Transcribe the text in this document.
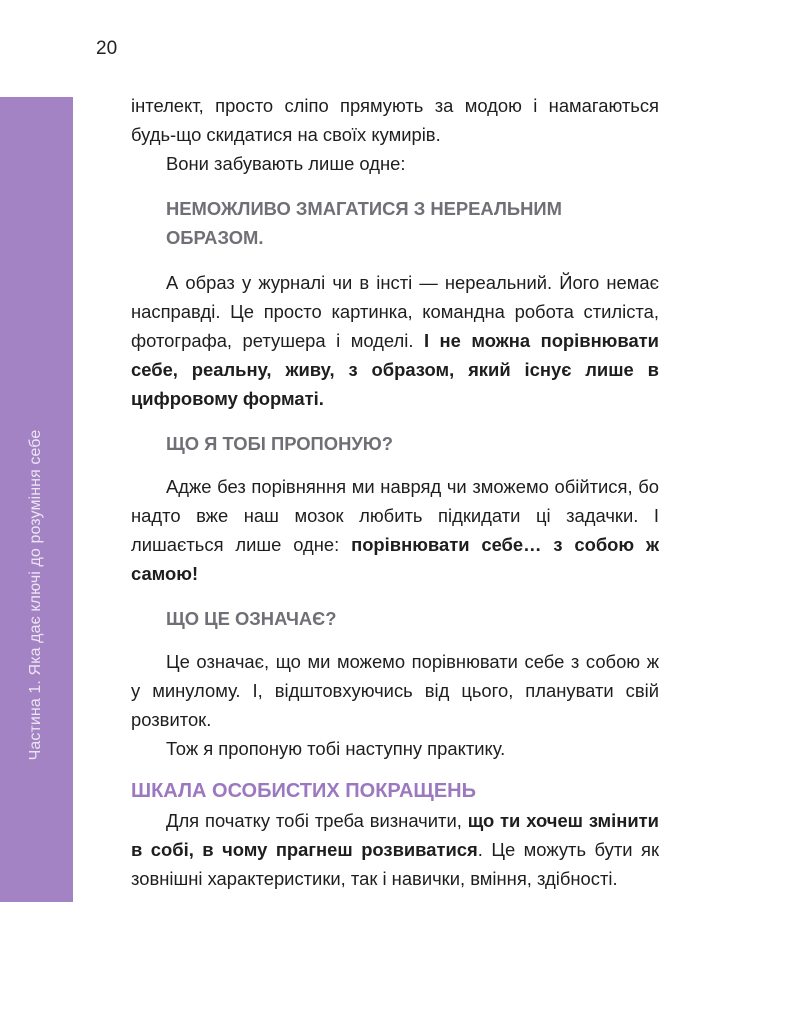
20
Частина 1. Яка дає ключі до розуміння себе

інтелект, просто сліпо прямують за модою і намагаються будь-що скидатися на своїх кумирів.

Вони забувають лише одне:

НЕМОЖЛИВО ЗМАГАТИСЯ З НЕРЕАЛЬНИМ ОБРАЗОМ.

А образ у журналі чи в інсті — нереальний. Його немає насправді. Це просто картинка, командна робота стиліста, фотографа, ретушера і моделі. І не можна порівнювати себе, реальну, живу, з образом, який існує лише в цифровому форматі.

ЩО Я ТОБІ ПРОПОНУЮ?

Адже без порівняння ми навряд чи зможемо обійтися, бо надто вже наш мозок любить підкидати ці задачки. І лишається лише одне: порівнювати себе… з собою ж самою!

ЩО ЦЕ ОЗНАЧАЄ?

Це означає, що ми можемо порівнювати себе з собою ж у минулому. І, відштовхуючись від цього, планувати свій розвиток.

Тож я пропоную тобі наступну практику.

ШКАЛА ОСОБИСТИХ ПОКРАЩЕНЬ

Для початку тобі треба визначити, що ти хочеш змінити в собі, в чому прагнеш розвиватися. Це можуть бути як зовнішні характеристики, так і навички, вміння, здібності.
